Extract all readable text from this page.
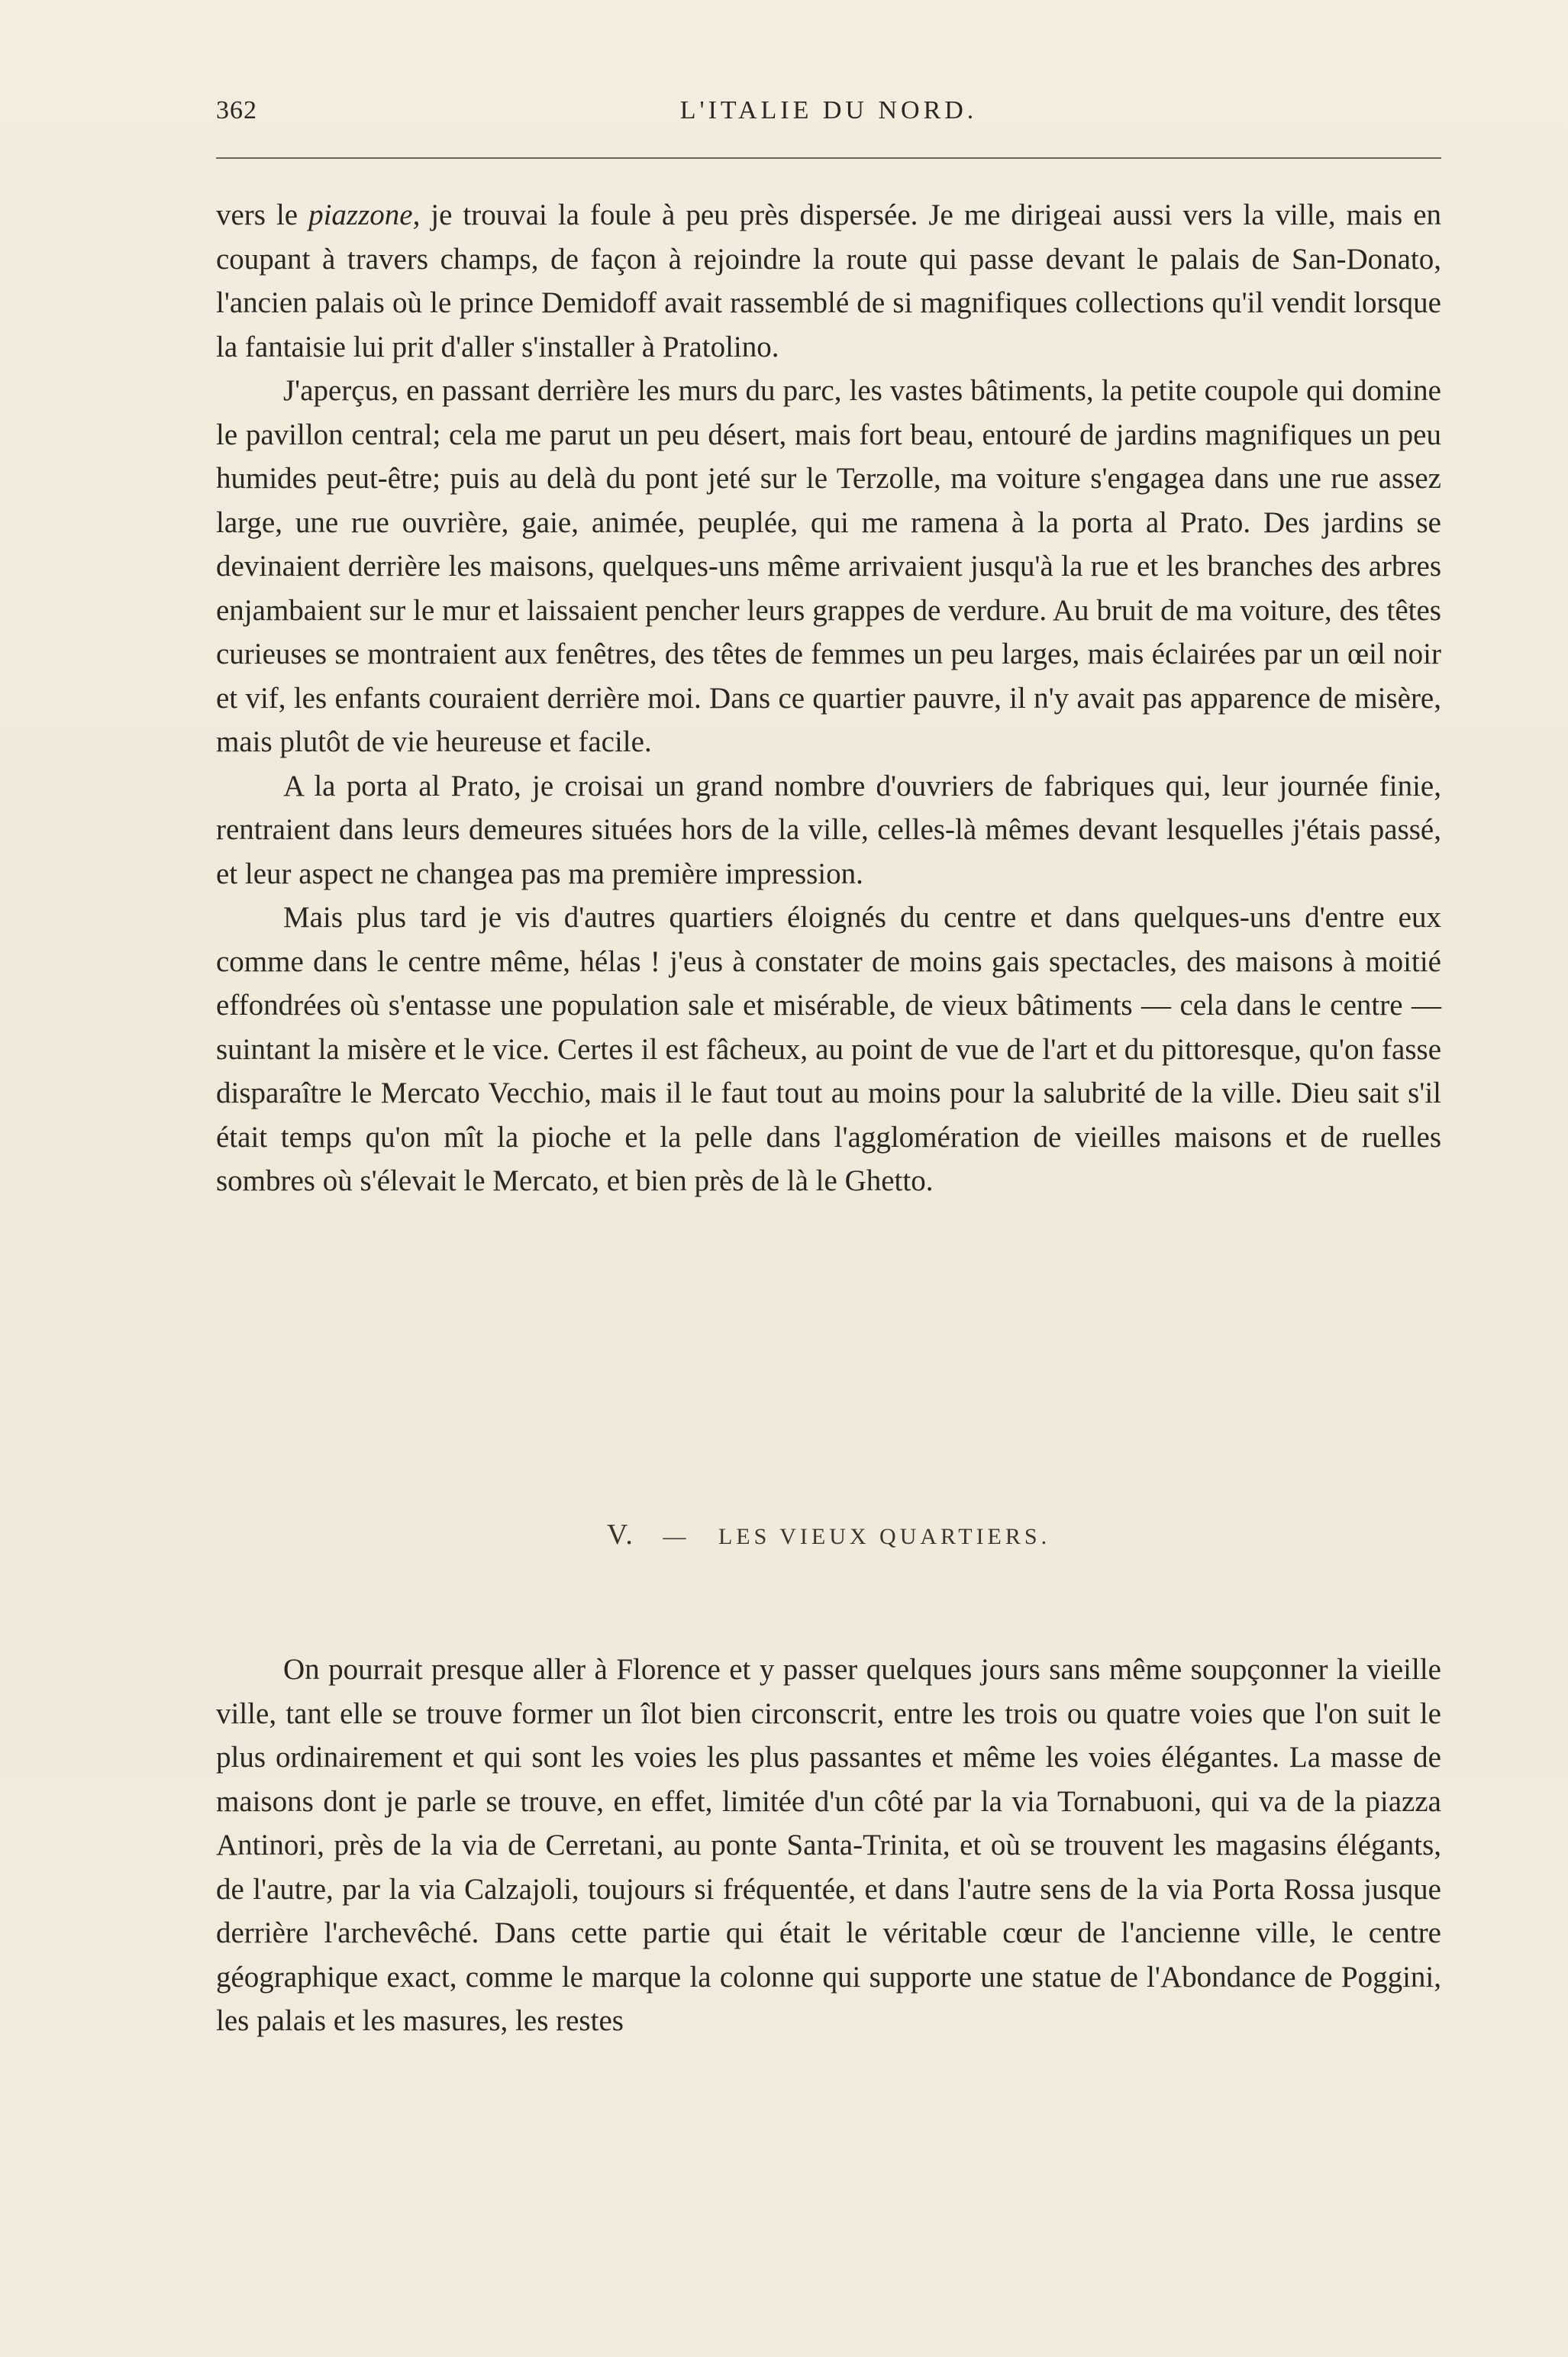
362	L'ITALIE DU NORD.

vers le piazzone, je trouvai la foule à peu près dispersée. Je me dirigeai aussi vers la ville, mais en coupant à travers champs, de façon à rejoindre la route qui passe devant le palais de San-Donato, l'ancien palais où le prince Demidoff avait rassemblé de si magnifiques collections qu'il vendit lorsque la fantaisie lui prit d'aller s'installer à Pratolino.

J'aperçus, en passant derrière les murs du parc, les vastes bâtiments, la petite coupole qui domine le pavillon central; cela me parut un peu désert, mais fort beau, entouré de jardins magnifiques un peu humides peut-être; puis au delà du pont jeté sur le Terzolle, ma voiture s'engagea dans une rue assez large, une rue ouvrière, gaie, animée, peuplée, qui me ramena à la porta al Prato. Des jardins se devinaient derrière les maisons, quelques-uns même arrivaient jusqu'à la rue et les branches des arbres enjambaient sur le mur et laissaient pencher leurs grappes de verdure. Au bruit de ma voiture, des têtes curieuses se montraient aux fenêtres, des têtes de femmes un peu larges, mais éclairées par un œil noir et vif, les enfants couraient derrière moi. Dans ce quartier pauvre, il n'y avait pas apparence de misère, mais plutôt de vie heureuse et facile.

A la porta al Prato, je croisai un grand nombre d'ouvriers de fabriques qui, leur journée finie, rentraient dans leurs demeures situées hors de la ville, celles-là mêmes devant lesquelles j'étais passé, et leur aspect ne changea pas ma première impression.

Mais plus tard je vis d'autres quartiers éloignés du centre et dans quelques-uns d'entre eux comme dans le centre même, hélas ! j'eus à constater de moins gais spectacles, des maisons à moitié effondrées où s'entasse une population sale et misérable, de vieux bâtiments — cela dans le centre — suintant la misère et le vice. Certes il est fâcheux, au point de vue de l'art et du pittoresque, qu'on fasse disparaître le Mercato Vecchio, mais il le faut tout au moins pour la salubrité de la ville. Dieu sait s'il était temps qu'on mît la pioche et la pelle dans l'agglomération de vieilles maisons et de ruelles sombres où s'élevait le Mercato, et bien près de là le Ghetto.

V. — LES VIEUX QUARTIERS.

On pourrait presque aller à Florence et y passer quelques jours sans même soupçonner la vieille ville, tant elle se trouve former un îlot bien circonscrit, entre les trois ou quatre voies que l'on suit le plus ordinairement et qui sont les voies les plus passantes et même les voies élégantes. La masse de maisons dont je parle se trouve, en effet, limitée d'un côté par la via Tornabuoni, qui va de la piazza Antinori, près de la via de Cerretani, au ponte Santa-Trinita, et où se trouvent les magasins élégants, de l'autre, par la via Calzajoli, toujours si fréquentée, et dans l'autre sens de la via Porta Rossa jusque derrière l'archevêché. Dans cette partie qui était le véritable cœur de l'ancienne ville, le centre géographique exact, comme le marque la colonne qui supporte une statue de l'Abondance de Poggini, les palais et les masures, les restes
